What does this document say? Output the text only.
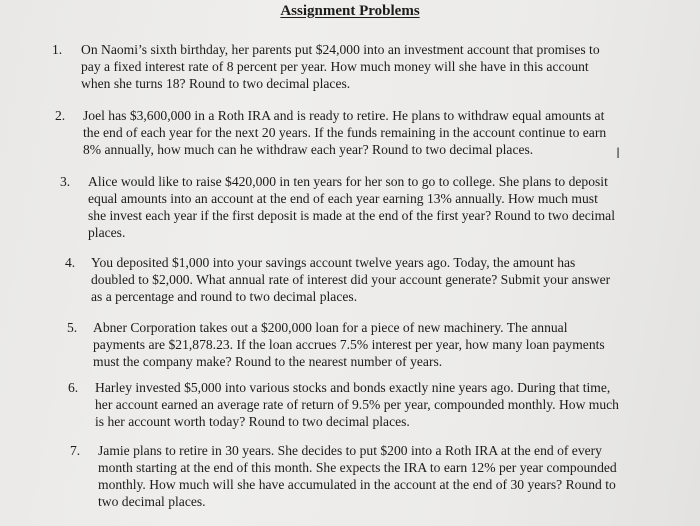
Assignment Problems
1. On Naomi’s sixth birthday, her parents put $24,000 into an investment account that promises to pay a fixed interest rate of 8 percent per year. How much money will she have in this account when she turns 18? Round to two decimal places.
2. Joel has $3,600,000 in a Roth IRA and is ready to retire. He plans to withdraw equal amounts at the end of each year for the next 20 years. If the funds remaining in the account continue to earn 8% annually, how much can he withdraw each year? Round to two decimal places.
3. Alice would like to raise $420,000 in ten years for her son to go to college. She plans to deposit equal amounts into an account at the end of each year earning 13% annually. How much must she invest each year if the first deposit is made at the end of the first year? Round to two decimal places.
4. You deposited $1,000 into your savings account twelve years ago. Today, the amount has doubled to $2,000. What annual rate of interest did your account generate? Submit your answer as a percentage and round to two decimal places.
5. Abner Corporation takes out a $200,000 loan for a piece of new machinery. The annual payments are $21,878.23. If the loan accrues 7.5% interest per year, how many loan payments must the company make? Round to the nearest number of years.
6. Harley invested $5,000 into various stocks and bonds exactly nine years ago. During that time, her account earned an average rate of return of 9.5% per year, compounded monthly. How much is her account worth today? Round to two decimal places.
7. Jamie plans to retire in 30 years. She decides to put $200 into a Roth IRA at the end of every month starting at the end of this month. She expects the IRA to earn 12% per year compounded monthly. How much will she have accumulated in the account at the end of 30 years? Round to two decimal places.
Ι
